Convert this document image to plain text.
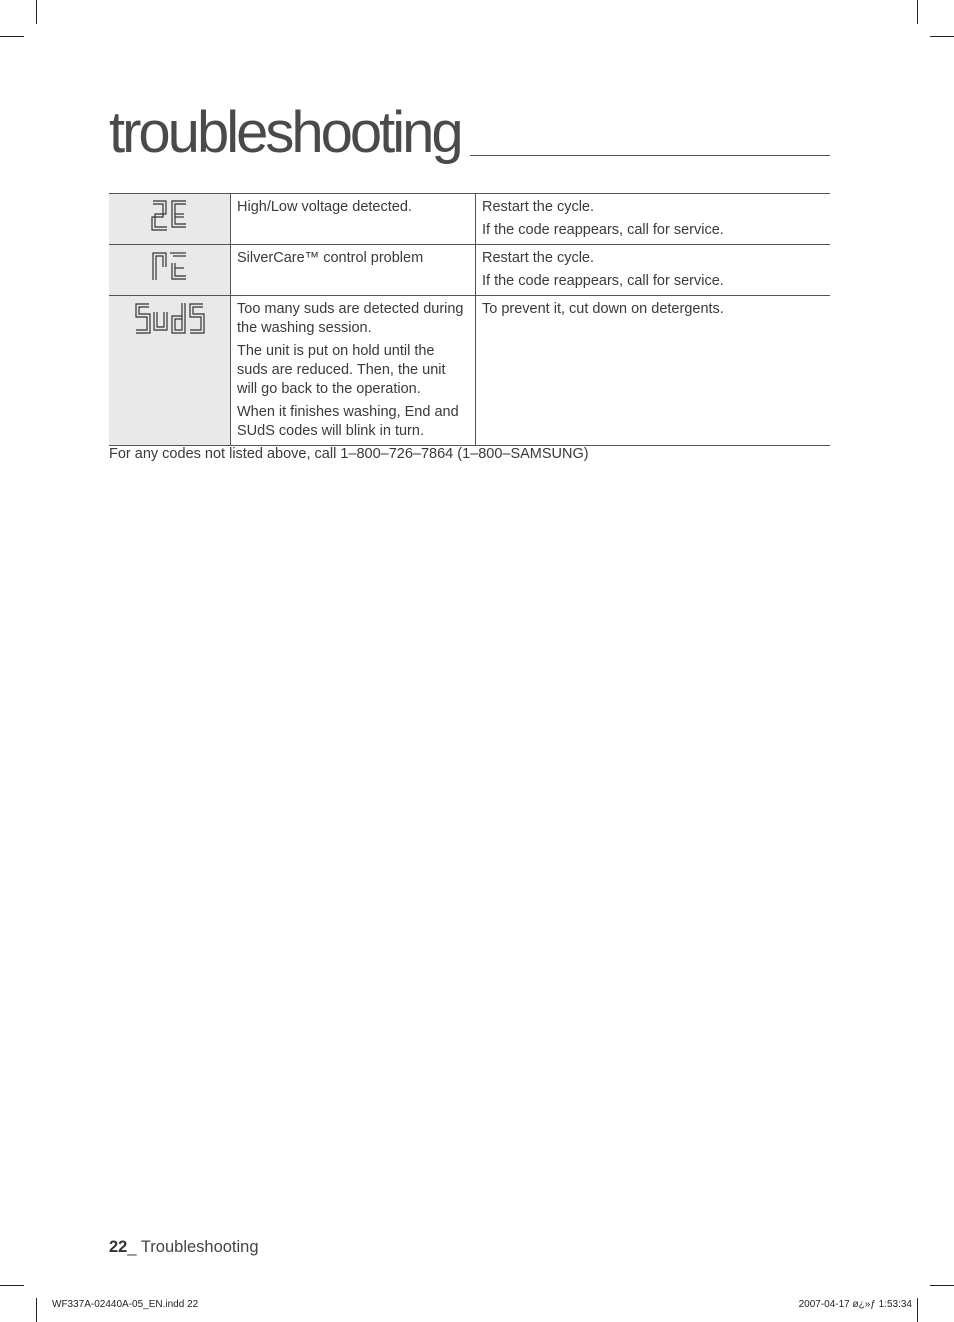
troubleshooting

High/Low voltage detected.	Restart the cycle.

If the code reappears, call for service.

SilverCare™ control problem	Restart the cycle.

If the code reappears, call for service.

Too many suds are detected during the washing session.

The unit is put on hold until the suds are reduced. Then, the unit will go back to the operation.

When it finishes washing, End and SUdS codes will blink in turn.	To prevent it, cut down on detergents.

For any codes not listed above, call 1–800–726–7864 (1–800–SAMSUNG)

22_ Troubleshooting
WF337A-02440A-05_EN.indd 22	2007-04-17 ø¿»ƒ 1:53:34
